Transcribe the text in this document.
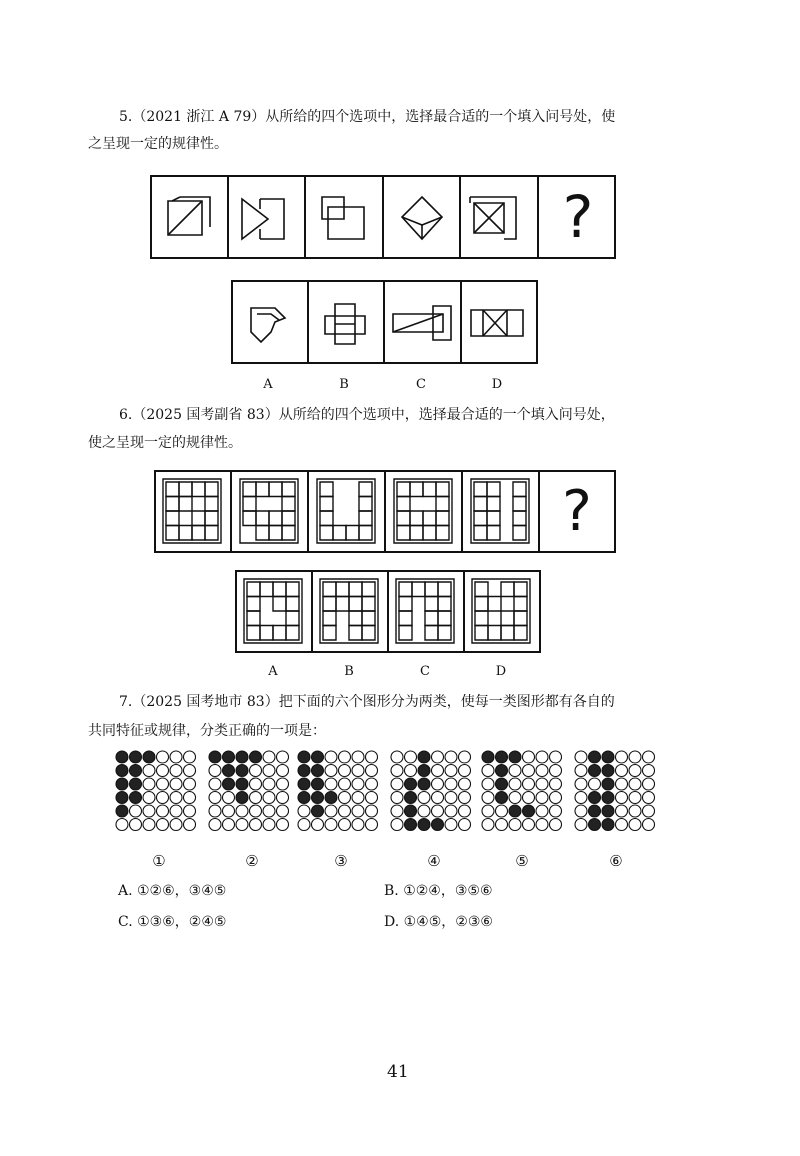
5.（2021 浙江 A 79）从所给的四个选项中，选择最合适的一个填入问号处，使
之呈现一定的规律性。
?
A	B	C	D
6.（2025 国考副省 83）从所给的四个选项中，选择最合适的一个填入问号处，
使之呈现一定的规律性。
?
A	B	C	D
7.（2025 国考地市 83）把下面的六个图形分为两类，使每一类图形都有各自的
共同特征或规律，分类正确的一项是：
①	②	③	④	⑤	⑥
A. ①②⑥，③④⑤	B. ①②④，③⑤⑥
C. ①③⑥，②④⑤	D. ①④⑤，②③⑥
41
